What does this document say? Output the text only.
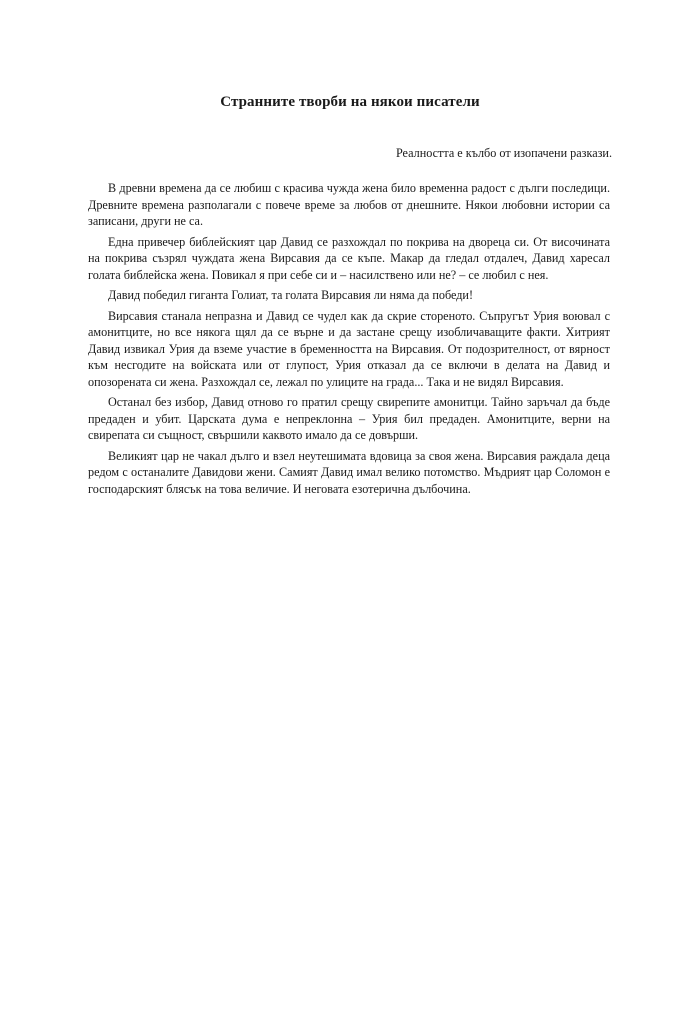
Странните творби на някои писатели
Реалността е кълбо от изопачени разкази.

В древни времена да се любиш с красива чужда жена било временна радост с дълги последици. Древните времена разполагали с повече време за любов от днешните. Някои любовни истории са записани, други не са.

Една привечер библейският цар Давид се разхождал по покрива на двореца си. От височината на покрива съзрял чуждата жена Вирсавия да се къпе. Макар да гледал отдалеч, Давид харесал голата библейска жена. Повикал я при себе си и – насилствено или не? – се любил с нея.

Давид победил гиганта Голиат, та голата Вирсавия ли няма да победи!

Вирсавия станала непразна и Давид се чудел как да скрие стореното. Съпругът Урия воювал с амонитците, но все някога щял да се върне и да застане срещу изобличаващите факти. Хитрият Давид извикал Урия да вземе участие в бременността на Вирсавия. От подозрителност, от вярност към несгодите на войската или от глупост, Урия отказал да се включи в делата на Давид и опозорената си жена. Разхождал се, лежал по улиците на града... Така и не видял Вирсавия.

Останал без избор, Давид отново го пратил срещу свирепите амонитци. Тайно заръчал да бъде предаден и убит. Царската дума е непреклонна – Урия бил предаден. Амонитците, верни на свирепата си същност, свършили каквото имало да се довърши.

Великият цар не чакал дълго и взел неутешимата вдовица за своя жена. Вирсавия раждала деца редом с останалите Давидови жени. Самият Давид имал велико потомство. Мъдрият цар Соломон е господарският блясък на това величие. И неговата езотерична дълбочина.
